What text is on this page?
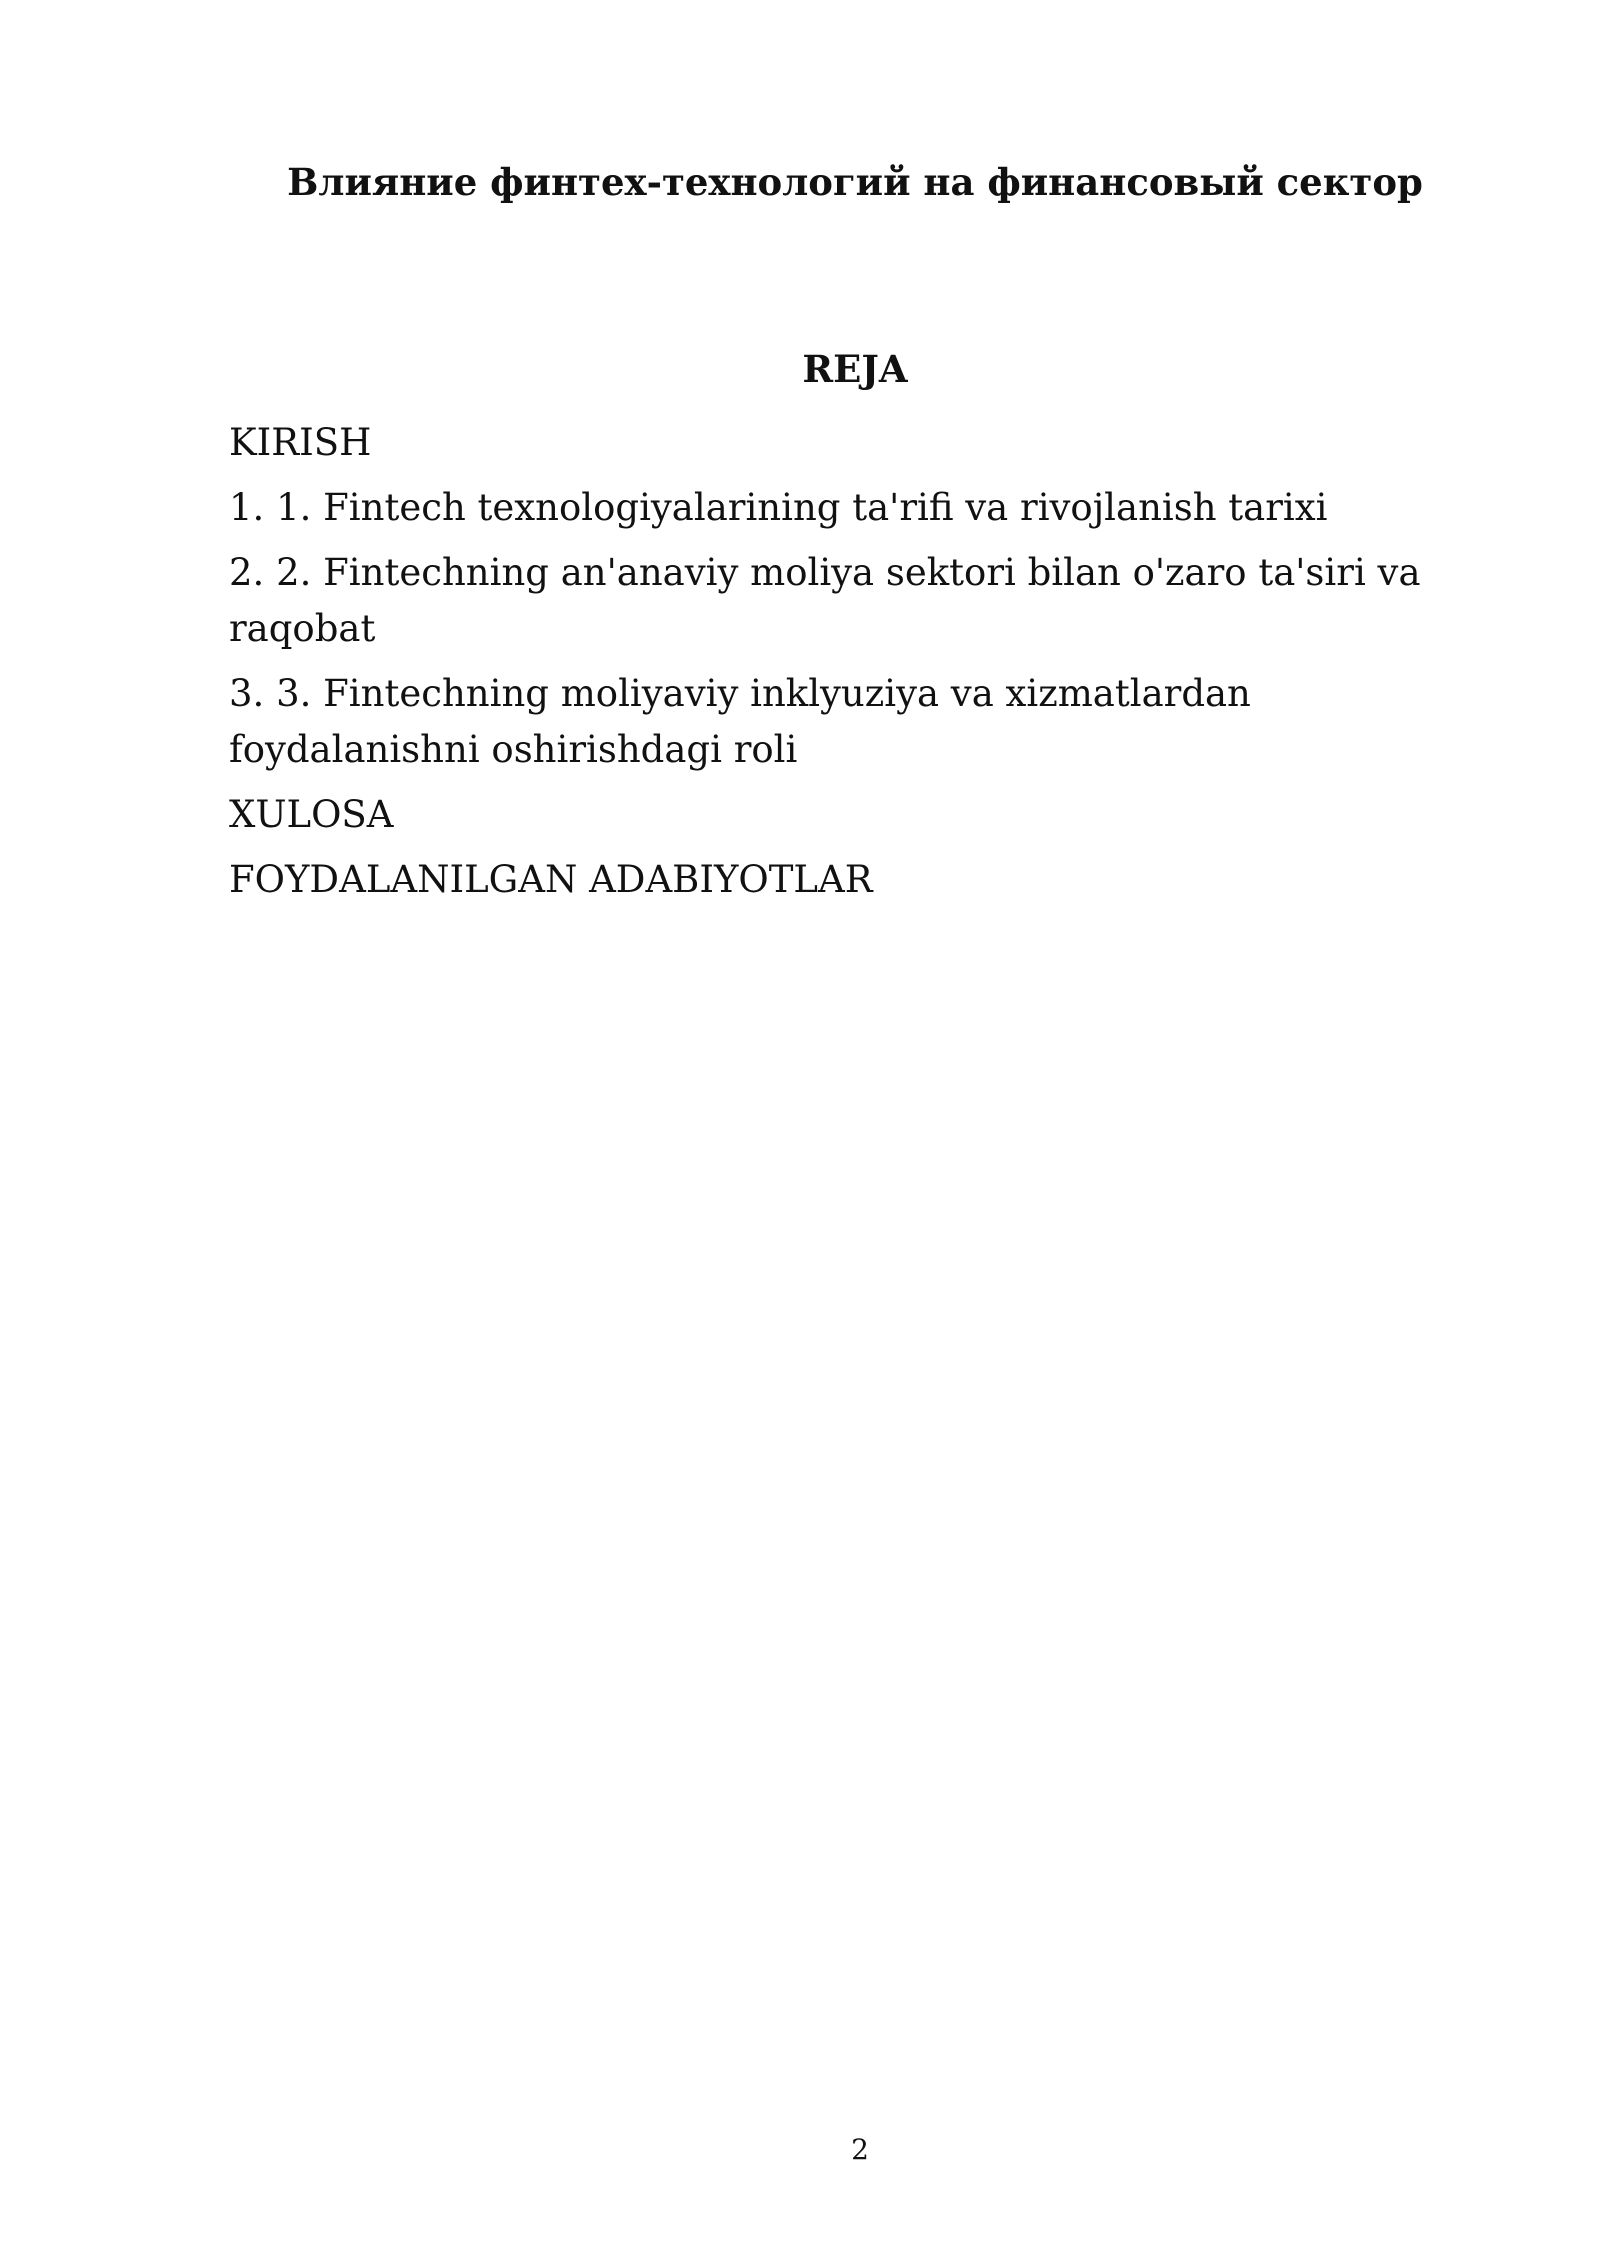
Влияние финтех-технологий на финансовый сектор
REJA
KIRISH
1. 1. Fintech texnologiyalarining ta'rifi va rivojlanish tarixi
2. 2. Fintechning an'anaviy moliya sektori bilan o'zaro ta'siri va raqobat
3. 3. Fintechning moliyaviy inklyuziya va xizmatlardan foydalanishni oshirishdagi roli
XULOSA
FOYDALANILGAN ADABIYOTLAR
2
